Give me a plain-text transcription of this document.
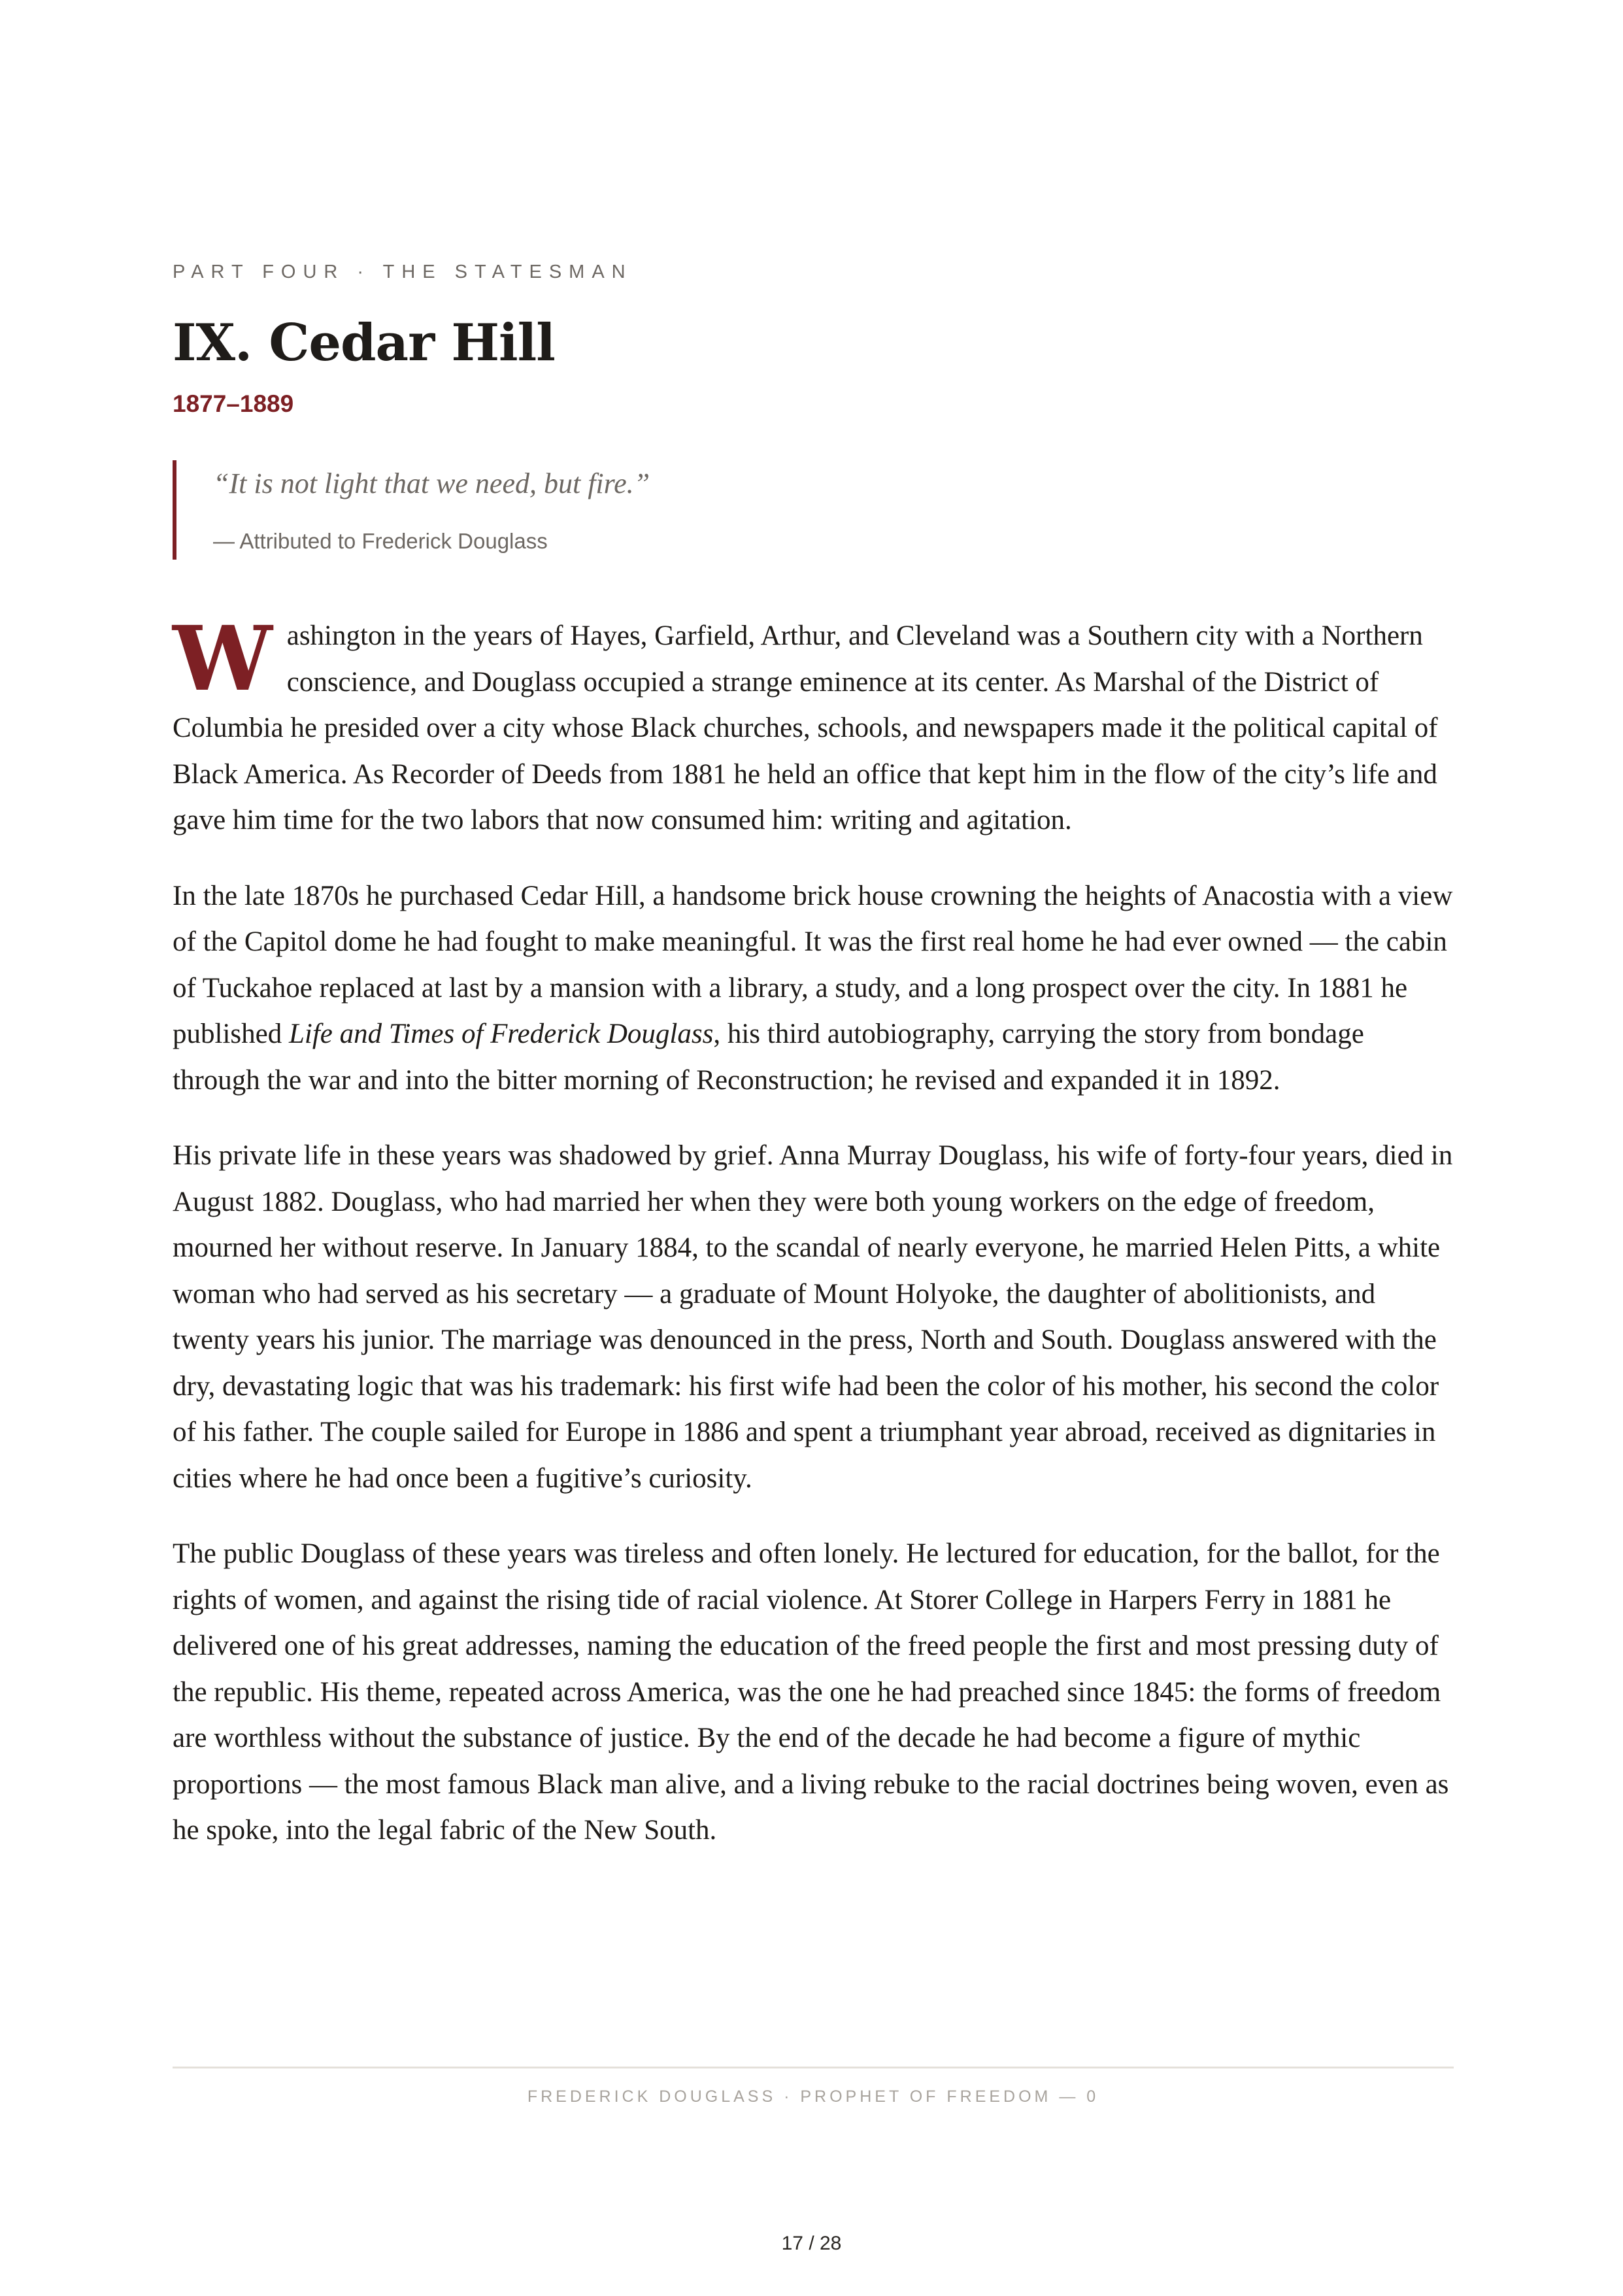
PART FOUR · THE STATESMAN

IX. Cedar Hill

1877–1889

“It is not light that we need, but fire.”

— Attributed to Frederick Douglass

Washington in the years of Hayes, Garfield, Arthur, and Cleveland was a Southern city with a Northern conscience, and Douglass occupied a strange eminence at its center. As Marshal of the District of Columbia he presided over a city whose Black churches, schools, and newspapers made it the political capital of Black America. As Recorder of Deeds from 1881 he held an office that kept him in the flow of the city’s life and gave him time for the two labors that now consumed him: writing and agitation.

In the late 1870s he purchased Cedar Hill, a handsome brick house crowning the heights of Anacostia with a view of the Capitol dome he had fought to make meaningful. It was the first real home he had ever owned — the cabin of Tuckahoe replaced at last by a mansion with a library, a study, and a long prospect over the city. In 1881 he published Life and Times of Frederick Douglass, his third autobiography, carrying the story from bondage through the war and into the bitter morning of Reconstruction; he revised and expanded it in 1892.

His private life in these years was shadowed by grief. Anna Murray Douglass, his wife of forty-four years, died in August 1882. Douglass, who had married her when they were both young workers on the edge of freedom, mourned her without reserve. In January 1884, to the scandal of nearly everyone, he married Helen Pitts, a white woman who had served as his secretary — a graduate of Mount Holyoke, the daughter of abolitionists, and twenty years his junior. The marriage was denounced in the press, North and South. Douglass answered with the dry, devastating logic that was his trademark: his first wife had been the color of his mother, his second the color of his father. The couple sailed for Europe in 1886 and spent a triumphant year abroad, received as dignitaries in cities where he had once been a fugitive’s curiosity.

The public Douglass of these years was tireless and often lonely. He lectured for education, for the ballot, for the rights of women, and against the rising tide of racial violence. At Storer College in Harpers Ferry in 1881 he delivered one of his great addresses, naming the education of the freed people the first and most pressing duty of the republic. His theme, repeated across America, was the one he had preached since 1845: the forms of freedom are worthless without the substance of justice. By the end of the decade he had become a figure of mythic proportions — the most famous Black man alive, and a living rebuke to the racial doctrines being woven, even as he spoke, into the legal fabric of the New South.

FREDERICK DOUGLASS · PROPHET OF FREEDOM — 0
17 / 28
